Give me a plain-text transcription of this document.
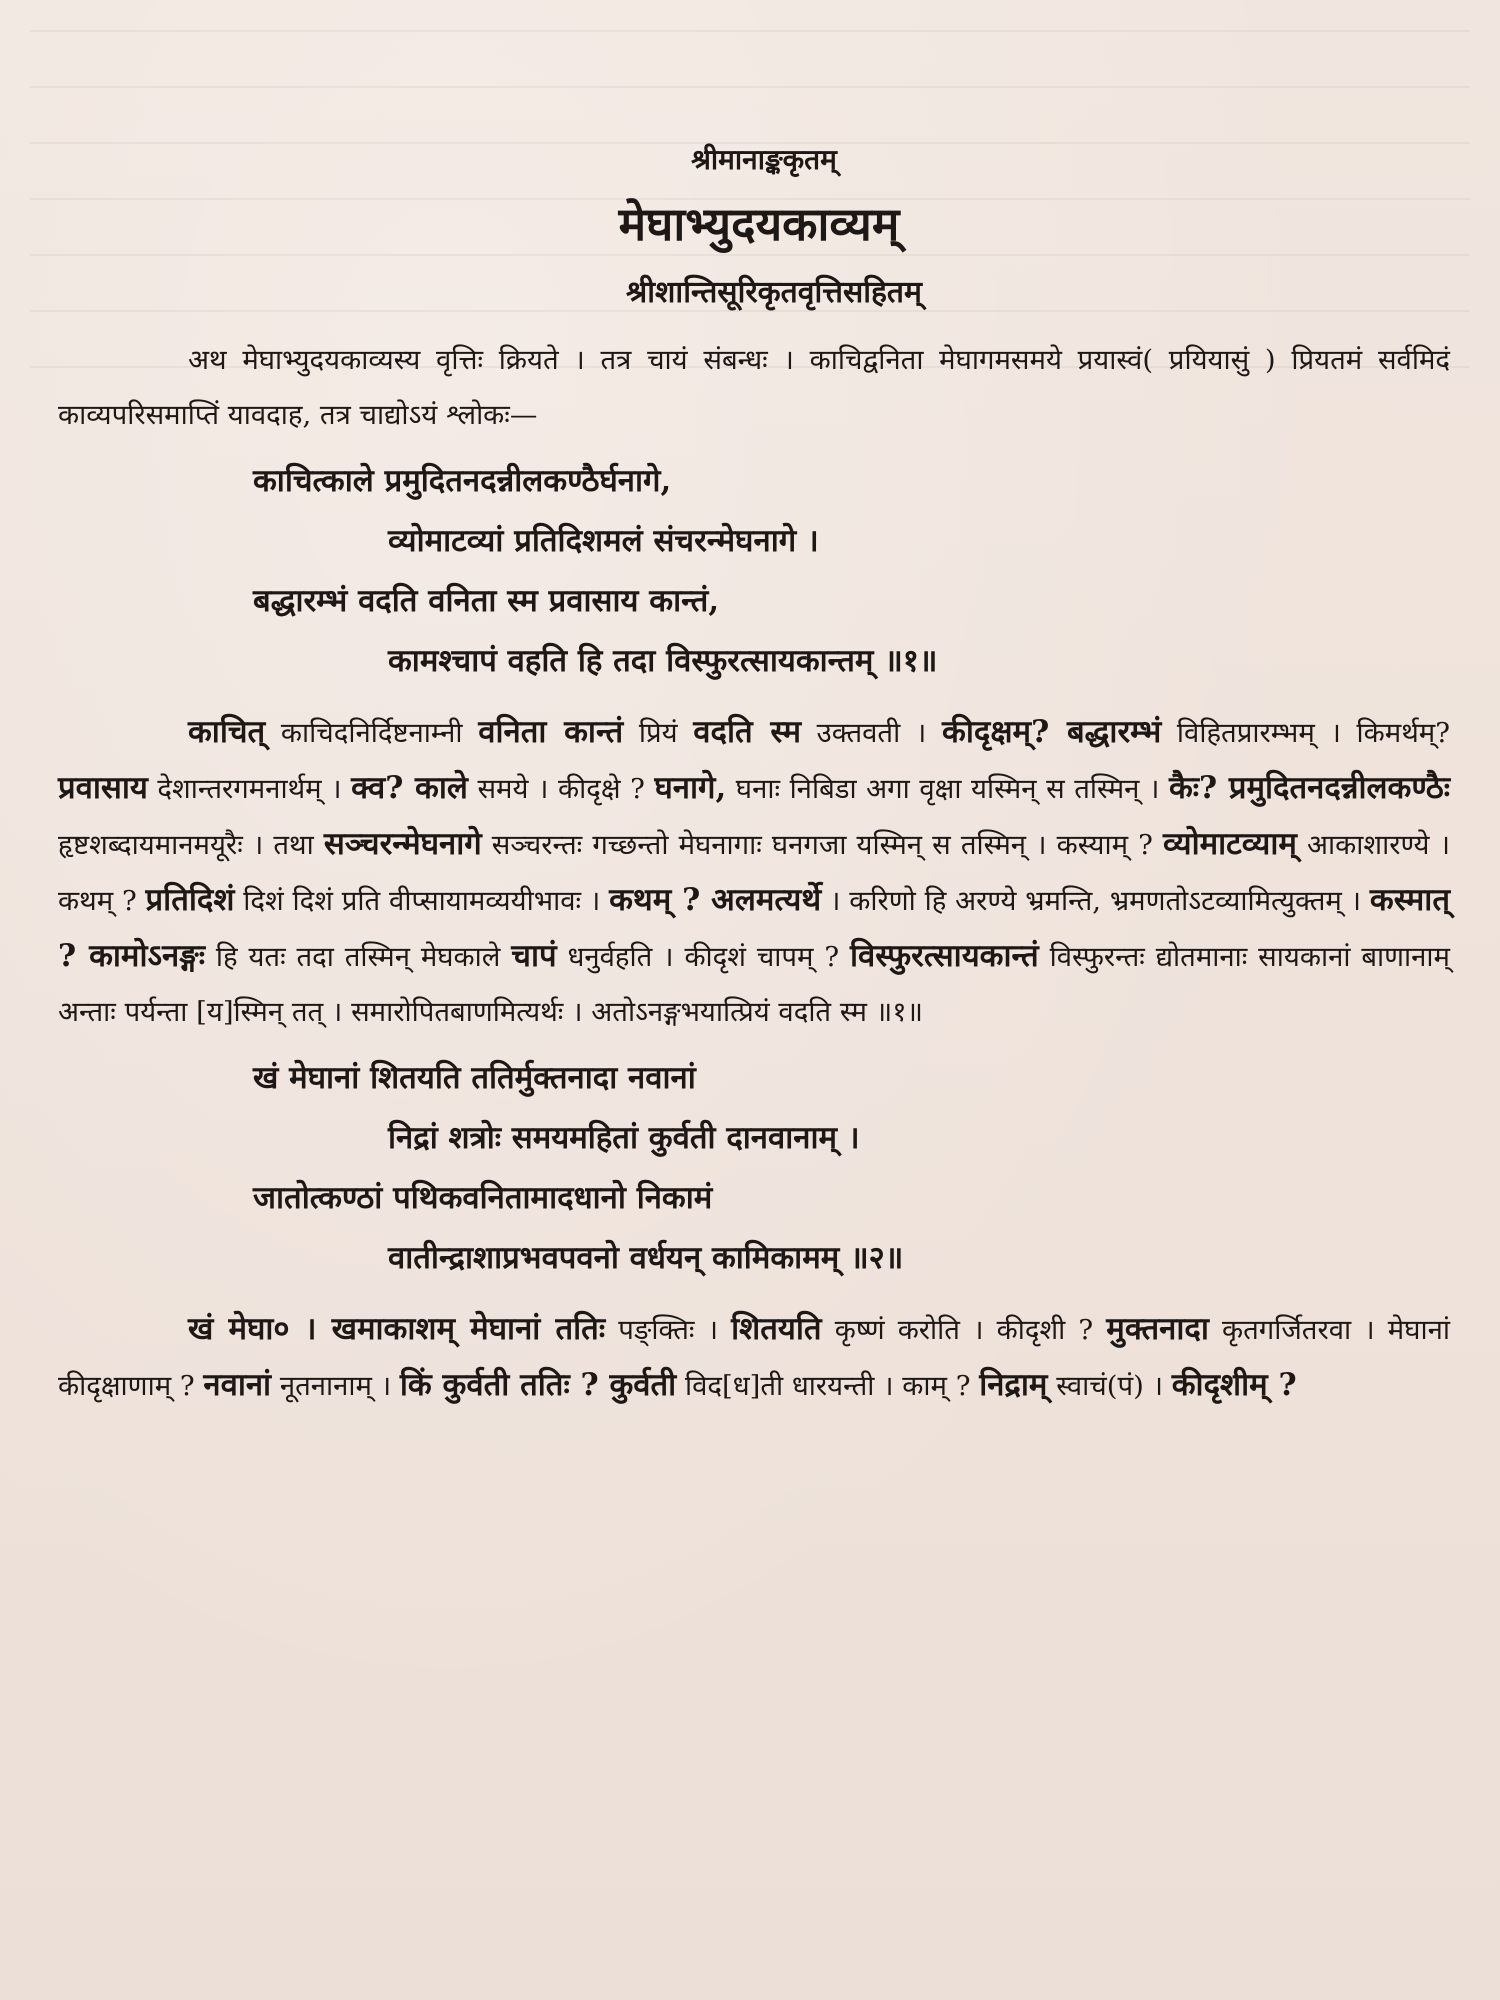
श्रीमानाङ्ककृतम्

मेघाभ्युदयकाव्यम्

श्रीशान्तिसूरिकृतवृत्तिसहितम्

अथ मेघाभ्युदयकाव्यस्य वृत्तिः क्रियते । तत्र चायं संबन्धः । काचिद्वनिता मेघागमसमये प्रयास्वं( प्रयियासुं ) प्रियतमं सर्वमिदं काव्यपरिसमाप्तिं यावदाह, तत्र चाद्योऽयं श्लोकः—

काचित्काले प्रमुदितनदन्नीलकण्ठैर्घनागे,

व्योमाटव्यां प्रतिदिशमलं संचरन्मेघनागे ।

बद्धारम्भं वदति वनिता स्म प्रवासाय कान्तं,

कामश्चापं वहति हि तदा विस्फुरत्सायकान्तम् ॥१॥

काचित् काचिदनिर्दिष्टनाम्नी वनिता कान्तं प्रियं वदति स्म उक्तवती । कीदृक्षम्? बद्धारम्भं विहितप्रारम्भम् । किमर्थम्? प्रवासाय देशान्तरगमनार्थम् । क्व? काले समये । कीदृक्षे ? घनागे, घनाः निबिडा अगा वृक्षा यस्मिन् स तस्मिन् । कैः? प्रमुदितनदन्नीलकण्ठैः हृष्टशब्दायमानमयूरैः । तथा सञ्चरन्मेघनागे सञ्चरन्तः गच्छन्तो मेघनागाः घनगजा यस्मिन् स तस्मिन् । कस्याम् ? व्योमाटव्याम् आकाशारण्ये । कथम् ? प्रतिदिशं दिशं दिशं प्रति वीप्सायामव्ययीभावः । कथम् ? अलमत्यर्थे । करिणो हि अरण्ये भ्रमन्ति, भ्रमणतोऽटव्यामित्युक्तम् । कस्मात् ? कामोऽनङ्गः हि यतः तदा तस्मिन् मेघकाले चापं धनुर्वहति । कीदृशं चापम् ? विस्फुरत्सायकान्तं विस्फुरन्तः द्योतमानाः सायकानां बाणानाम् अन्ताः पर्यन्ता [य]स्मिन् तत् । समारोपितबाणमित्यर्थः । अतोऽनङ्गभयात्प्रियं वदति स्म ॥१॥

खं मेघानां शितयति ततिर्मुक्तनादा नवानां

निद्रां शत्रोः समयमहितां कुर्वती दानवानाम् ।

जातोत्कण्ठां पथिकवनितामादधानो निकामं

वातीन्द्राशाप्रभवपवनो वर्धयन् कामिकामम् ॥२॥

खं मेघा० । खमाकाशम् मेघानां ततिः पङ्क्तिः । शितयति कृष्णं करोति । कीदृशी ? मुक्तनादा कृतगर्जितरवा । मेघानां कीदृक्षाणाम् ? नवानां नूतनानाम् । किं कुर्वती ततिः ? कुर्वती विद[ध]ती धारयन्ती । काम् ? निद्राम् स्वाचं(पं) । कीदृशीम् ?
